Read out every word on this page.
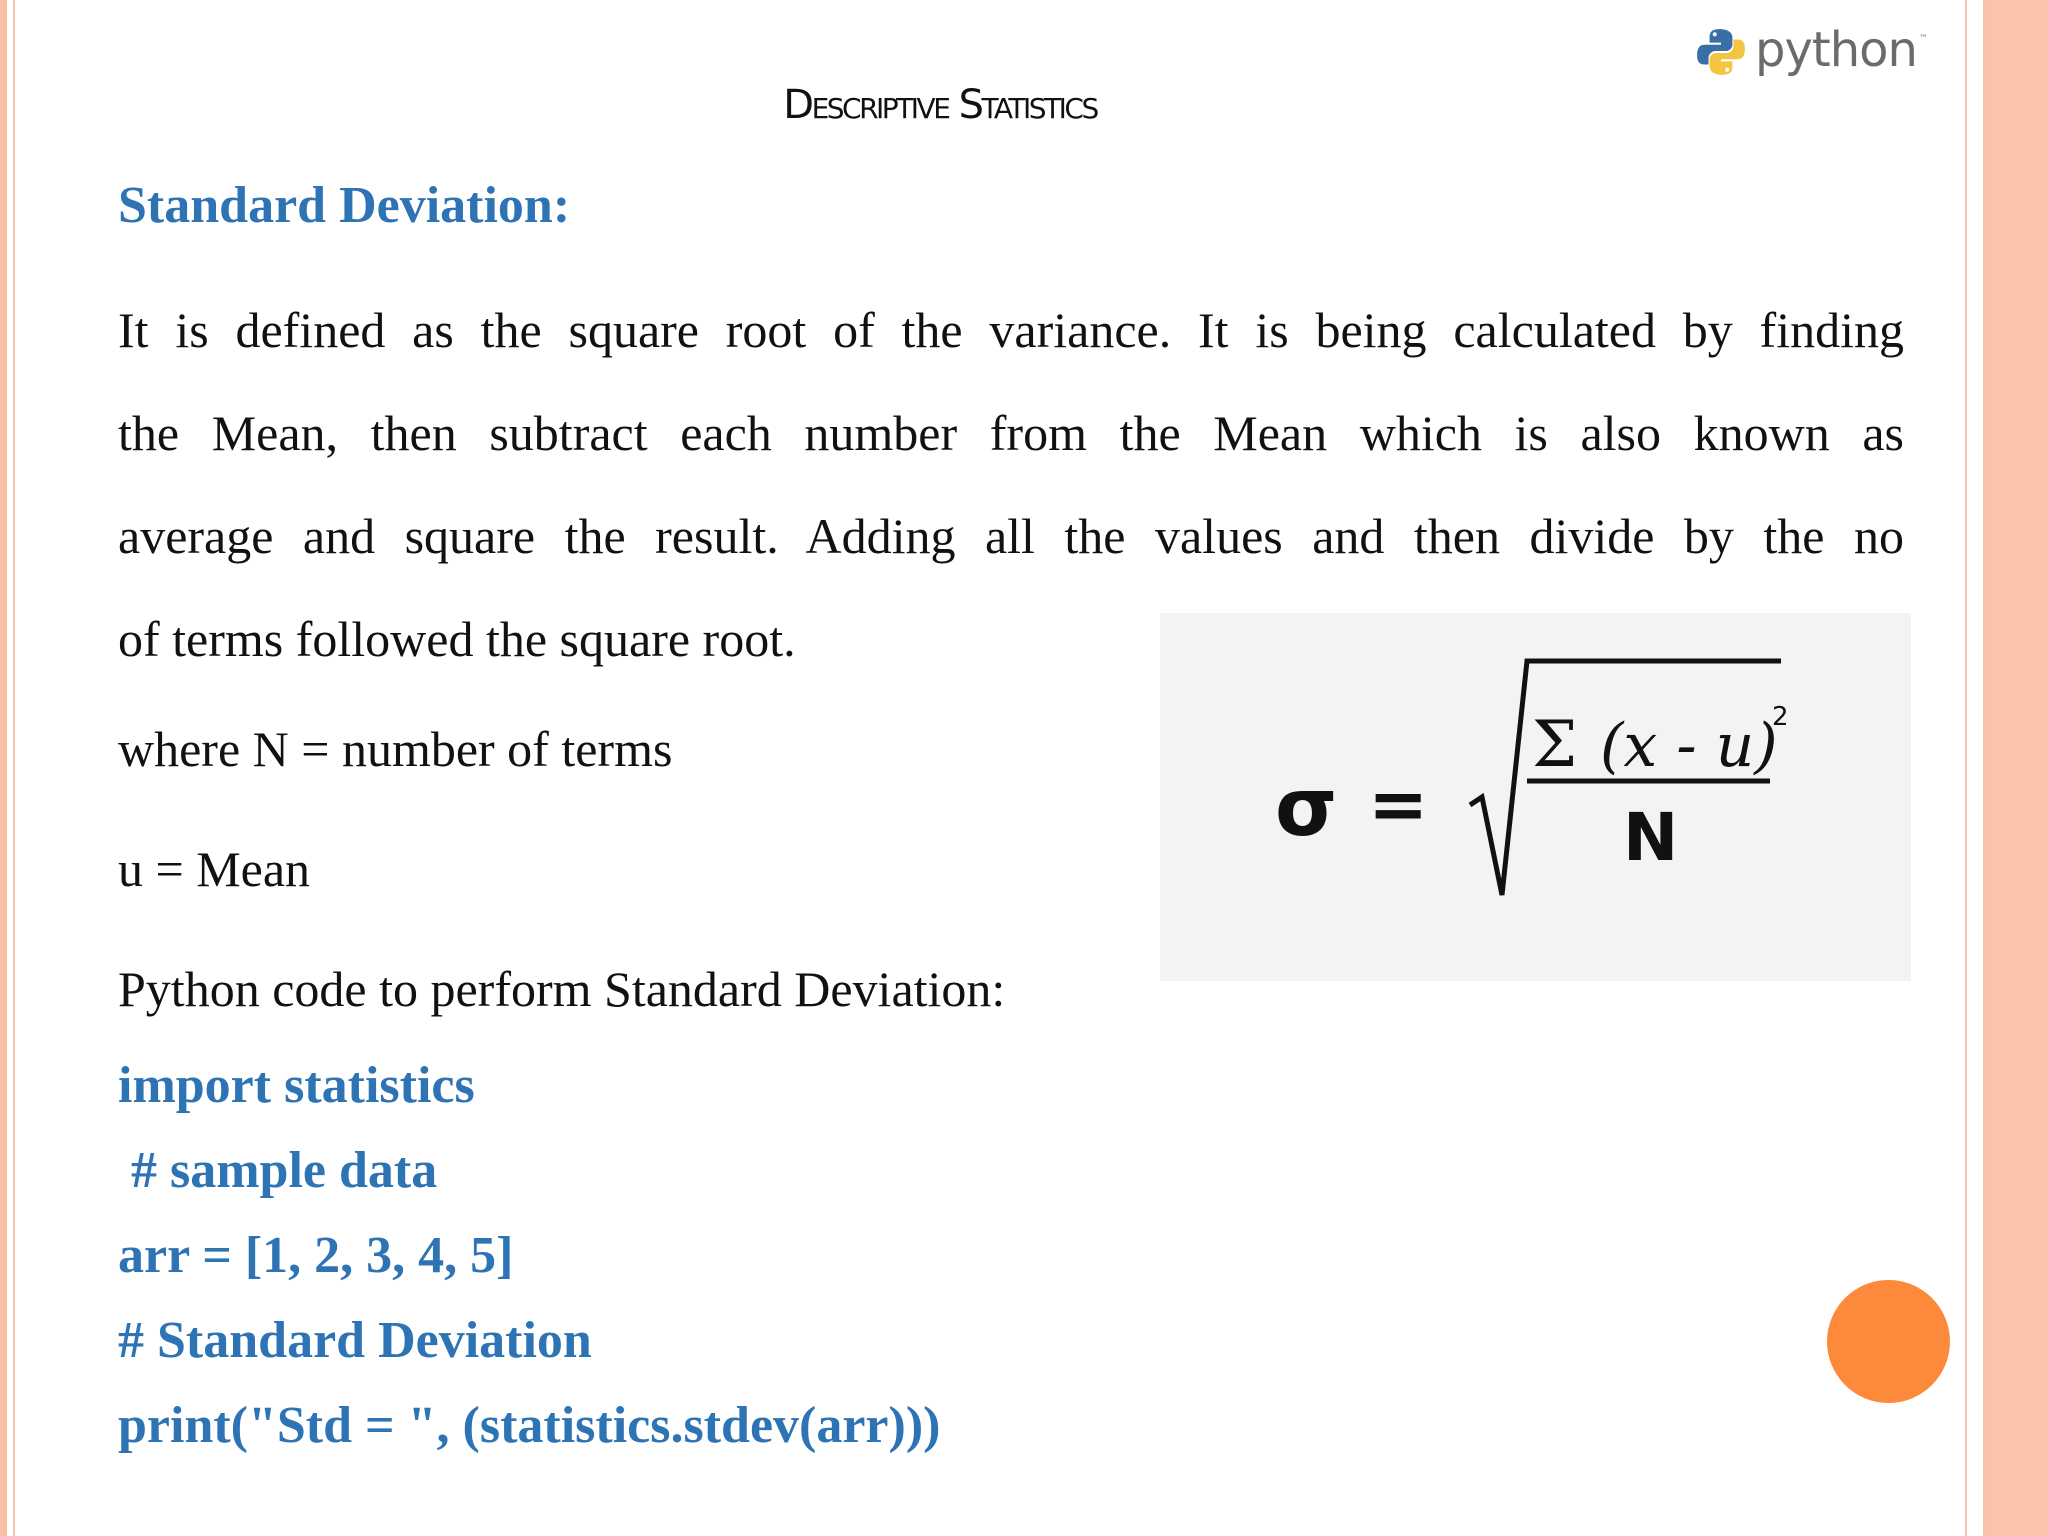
python ™
Descriptive Statistics
Standard Deviation:
It is defined as the square root of the variance. It is being calculated by finding
the Mean, then subtract each number from the Mean which is also known as
average and square the result. Adding all the values and then divide by the no
of terms followed the square root.
where N = number of terms
u = Mean
Python code to perform Standard Deviation:
import statistics
# sample data
arr = [1, 2, 3, 4, 5]
# Standard Deviation
print("Std = ", (statistics.stdev(arr)))
σ =
Σ (x - u)
2
N
